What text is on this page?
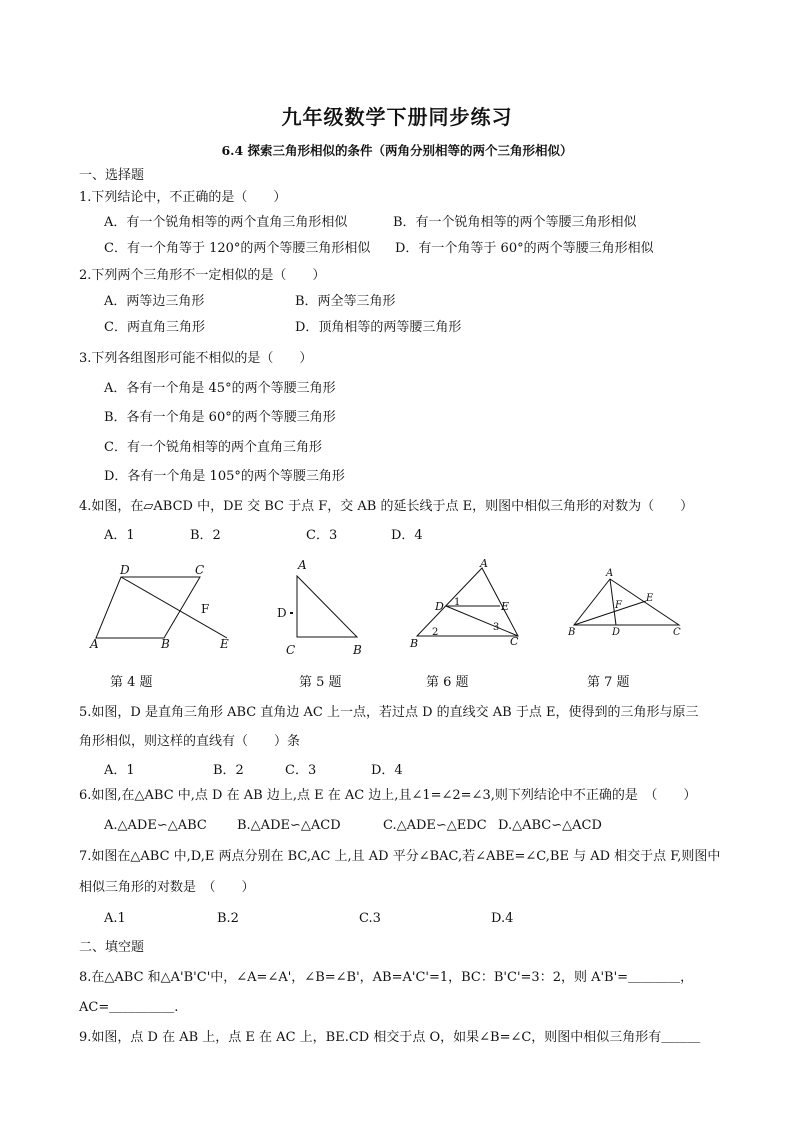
九年级数学下册同步练习
6.4 探索三角形相似的条件（两角分别相等的两个三角形相似）
一、选择题
1.下列结论中，不正确的是（　　）
A．有一个锐角相等的两个直角三角形相似	B．有一个锐角相等的两个等腰三角形相似
C．有一个角等于 120°的两个等腰三角形相似 D．有一个角等于 60°的两个等腰三角形相似
2.下列两个三角形不一定相似的是（　　）
A．两等边三角形	B．两全等三角形
C．两直角三角形	D．顶角相等的两等腰三角形
3.下列各组图形可能不相似的是（　　）
A．各有一个角是 45°的两个等腰三角形
B．各有一个角是 60°的两个等腰三角形
C．有一个锐角相等的两个直角三角形
D．各有一个角是 105°的两个等腰三角形
4.如图，在▱ABCD 中，DE 交 BC 于点 F，交 AB 的延长线于点 E，则图中相似三角形的对数为（　　）
A．1	B．2	C．3	D．4
D	C
F
A	B	E
A
D
C	B
A
D	E
B	C
1
2	3
A
E
F
B	D	C
第 4 题	第 5 题	第 6 题	第 7 题
5.如图，D 是直角三角形 ABC 直角边 AC 上一点，若过点 D 的直线交 AB 于点 E，使得到的三角形与原三
角形相似，则这样的直线有（　　）条
A．1	B．2	C．3	D．4
6.如图,在△ABC 中,点 D 在 AB 边上,点 E 在 AC 边上,且∠1=∠2=∠3,则下列结论中不正确的是　（　　）
A.△ADE∽△ABC B.△ADE∽△ACD	C.△ADE∽△EDC D.△ABC∽△ACD
7.如图在△ABC 中,D,E 两点分别在 BC,AC 上,且 AD 平分∠BAC,若∠ABE=∠C,BE 与 AD 相交于点 F,则图中
相似三角形的对数是　（　　）
A.1	B.2	C.3	D.4
二、填空题
8.在△ABC 和△A'B'C'中，∠A=∠A'，∠B=∠B'，AB=A'C'=1，BC：B'C'=3：2，则 A'B'=＿＿＿＿，
AC=＿＿＿＿＿.
9.如图，点 D 在 AB 上，点 E 在 AC 上，BE.CD 相交于点 O，如果∠B=∠C，则图中相似三角形有＿＿＿
